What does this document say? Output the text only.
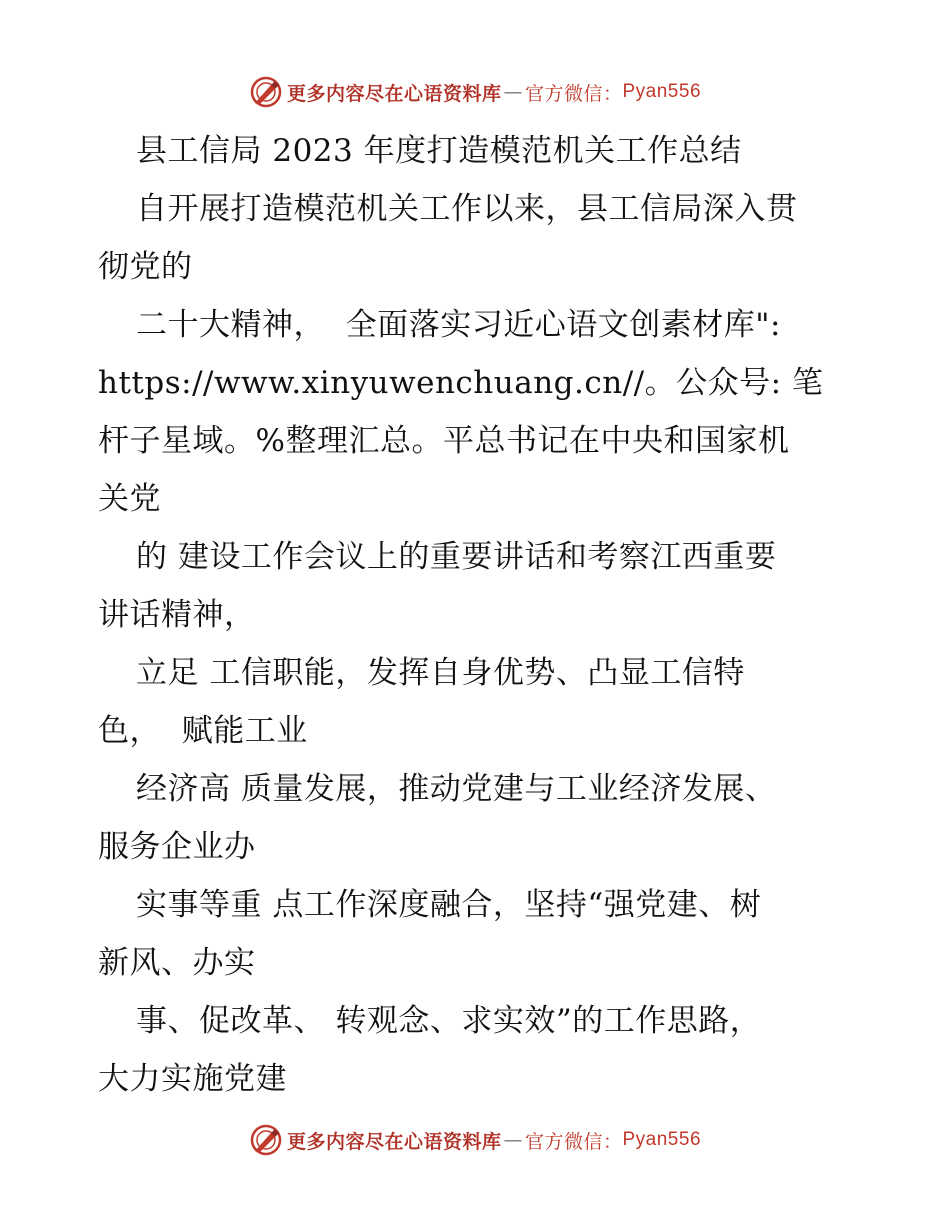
更多内容尽在心语资料库 — 官方微信： Pyan556
县工信局 2023 年度打造模范机关工作总结
自开展打造模范机关工作以来，县工信局深入贯
彻党的
二十大精神，  全面落实习近心语文创素材库":
https://www.xinyuwenchuang.cn//。公众号: 笔
杆子星域。%整理汇总。平总书记在中央和国家机
关党
的 建设工作会议上的重要讲话和考察江西重要
讲话精神，
立足 工信职能，发挥自身优势、凸显工信特
色，  赋能工业
经济高 质量发展，推动党建与工业经济发展、
服务企业办
实事等重 点工作深度融合，坚持“强党建、树
新风、办实
事、促改革、 转观念、求实效”的工作思路，
大力实施党建
更多内容尽在心语资料库 — 官方微信： Pyan556
